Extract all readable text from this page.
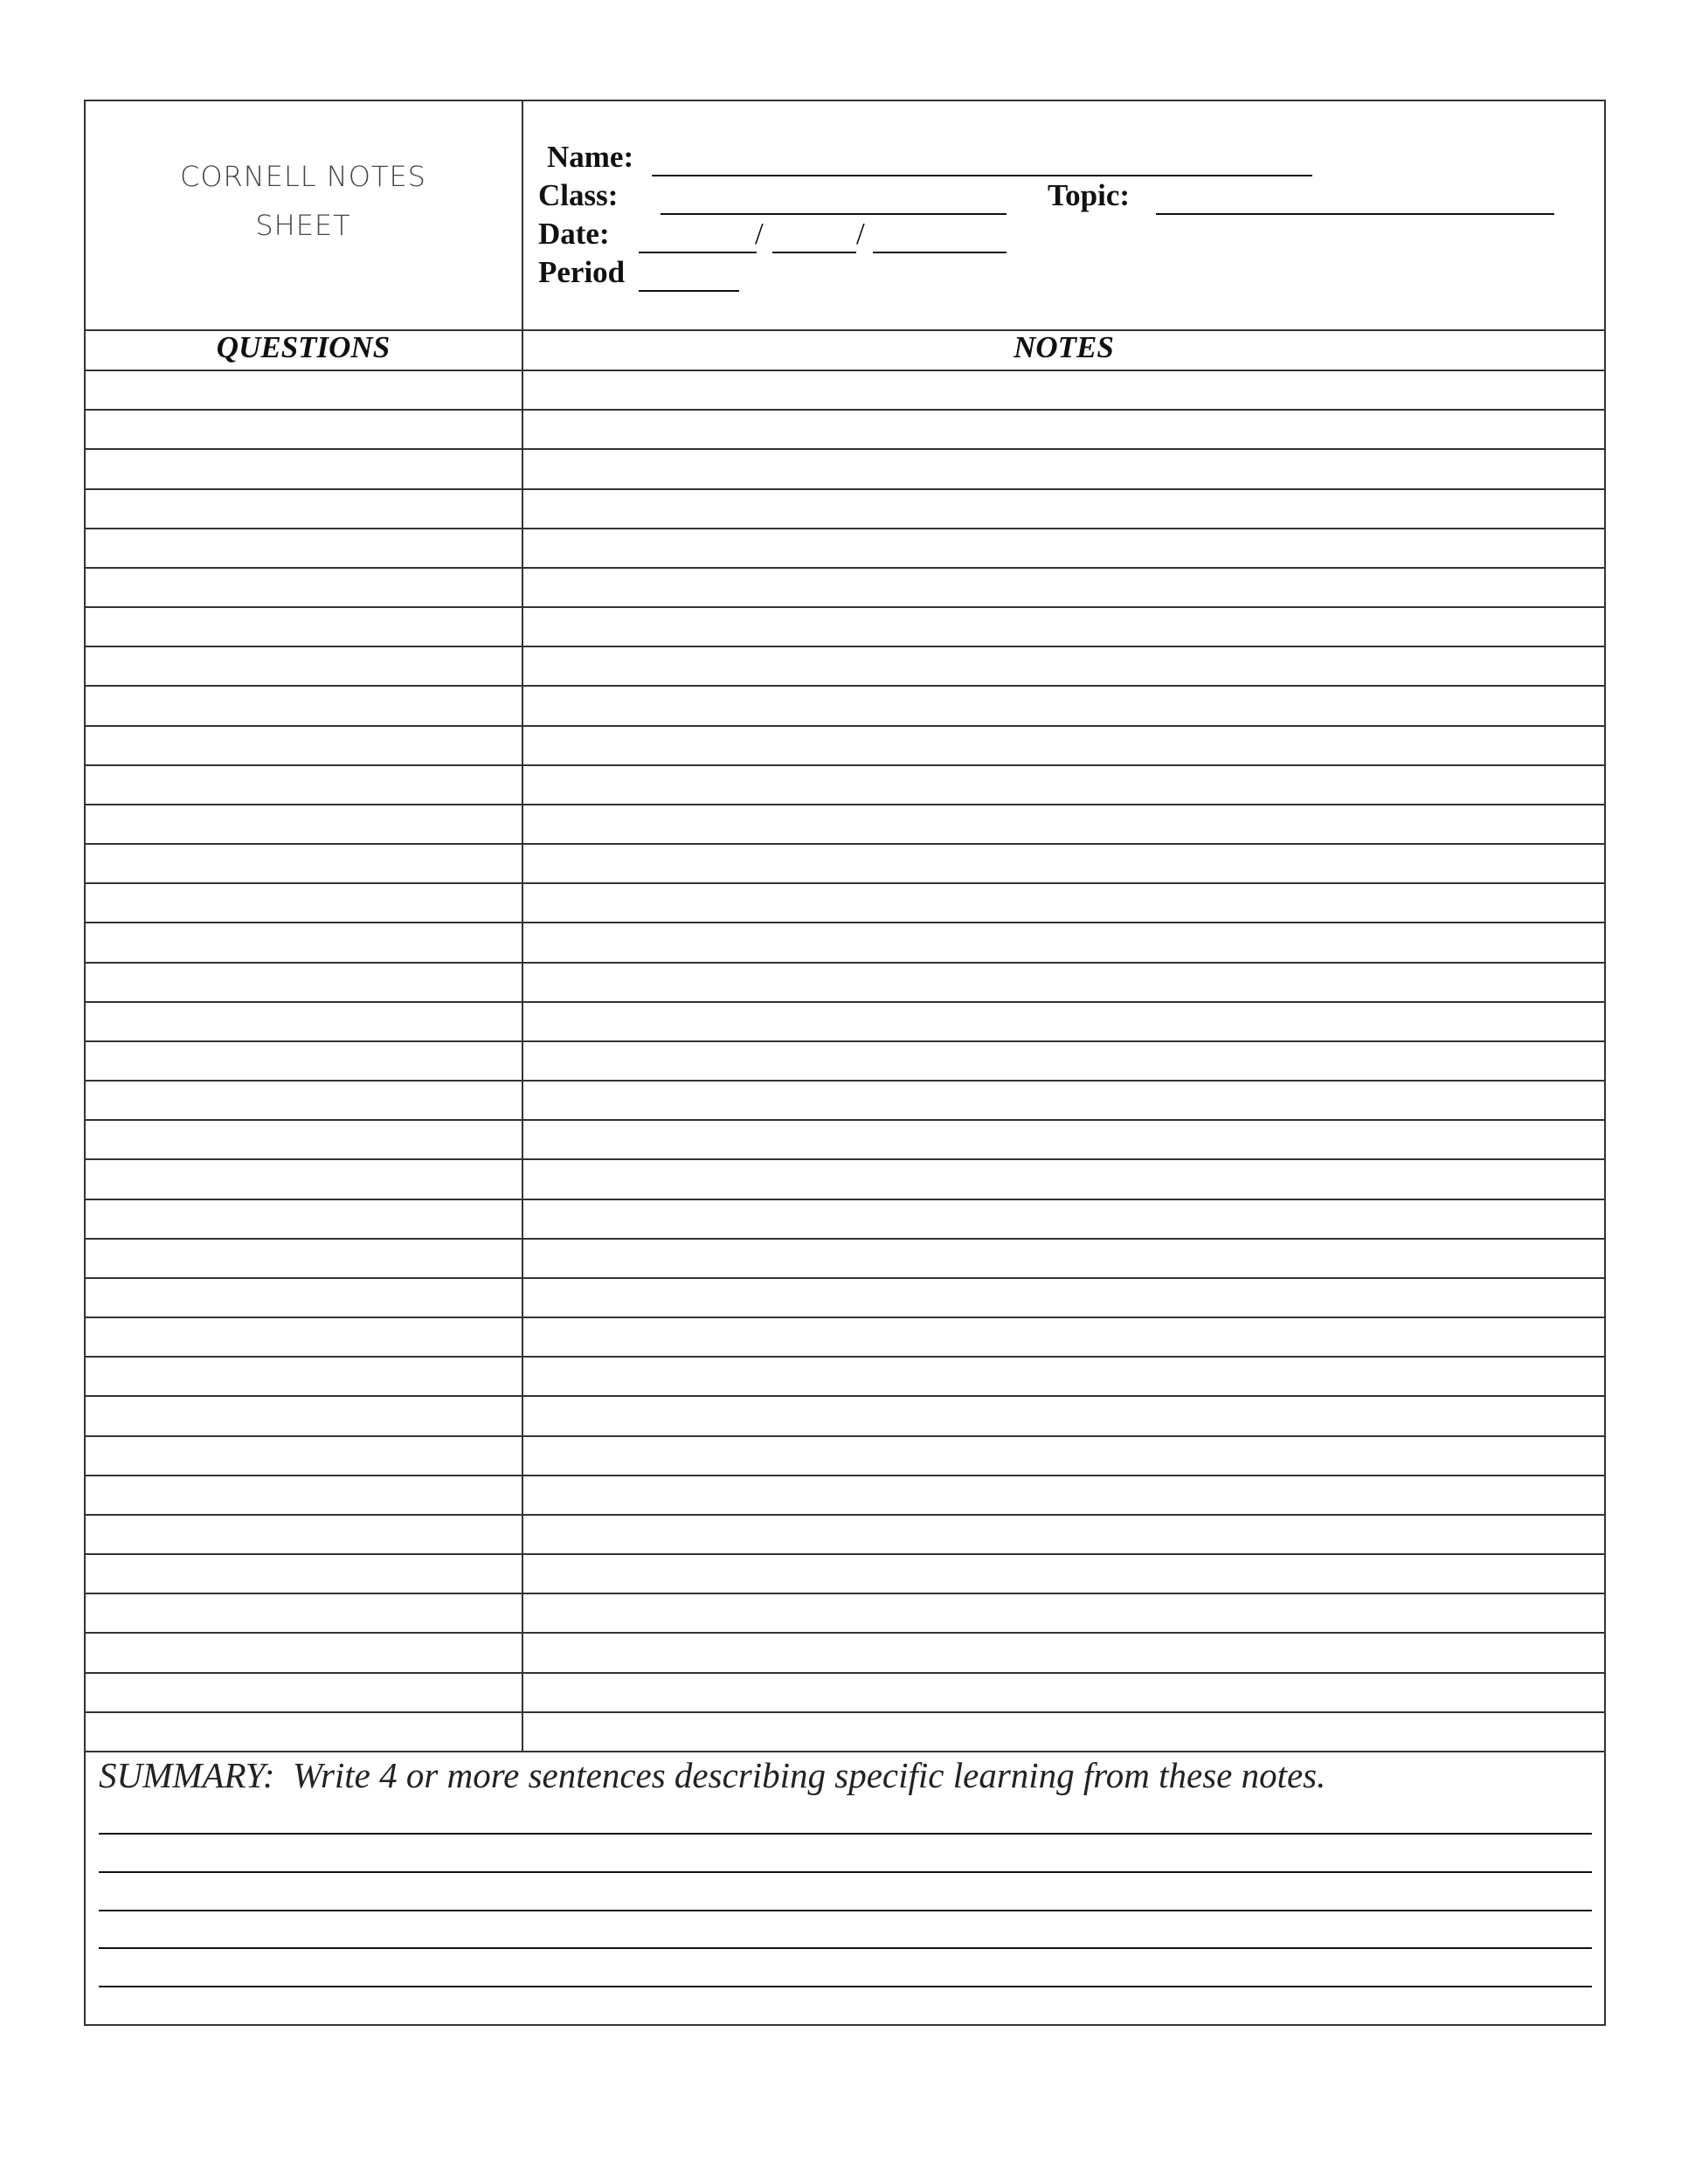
CORNELL NOTES
SHEET
Name:
Class:	Topic:
Date:	/	/
Period
QUESTIONS	NOTES
SUMMARY:  Write 4 or more sentences describing specific learning from these notes.
